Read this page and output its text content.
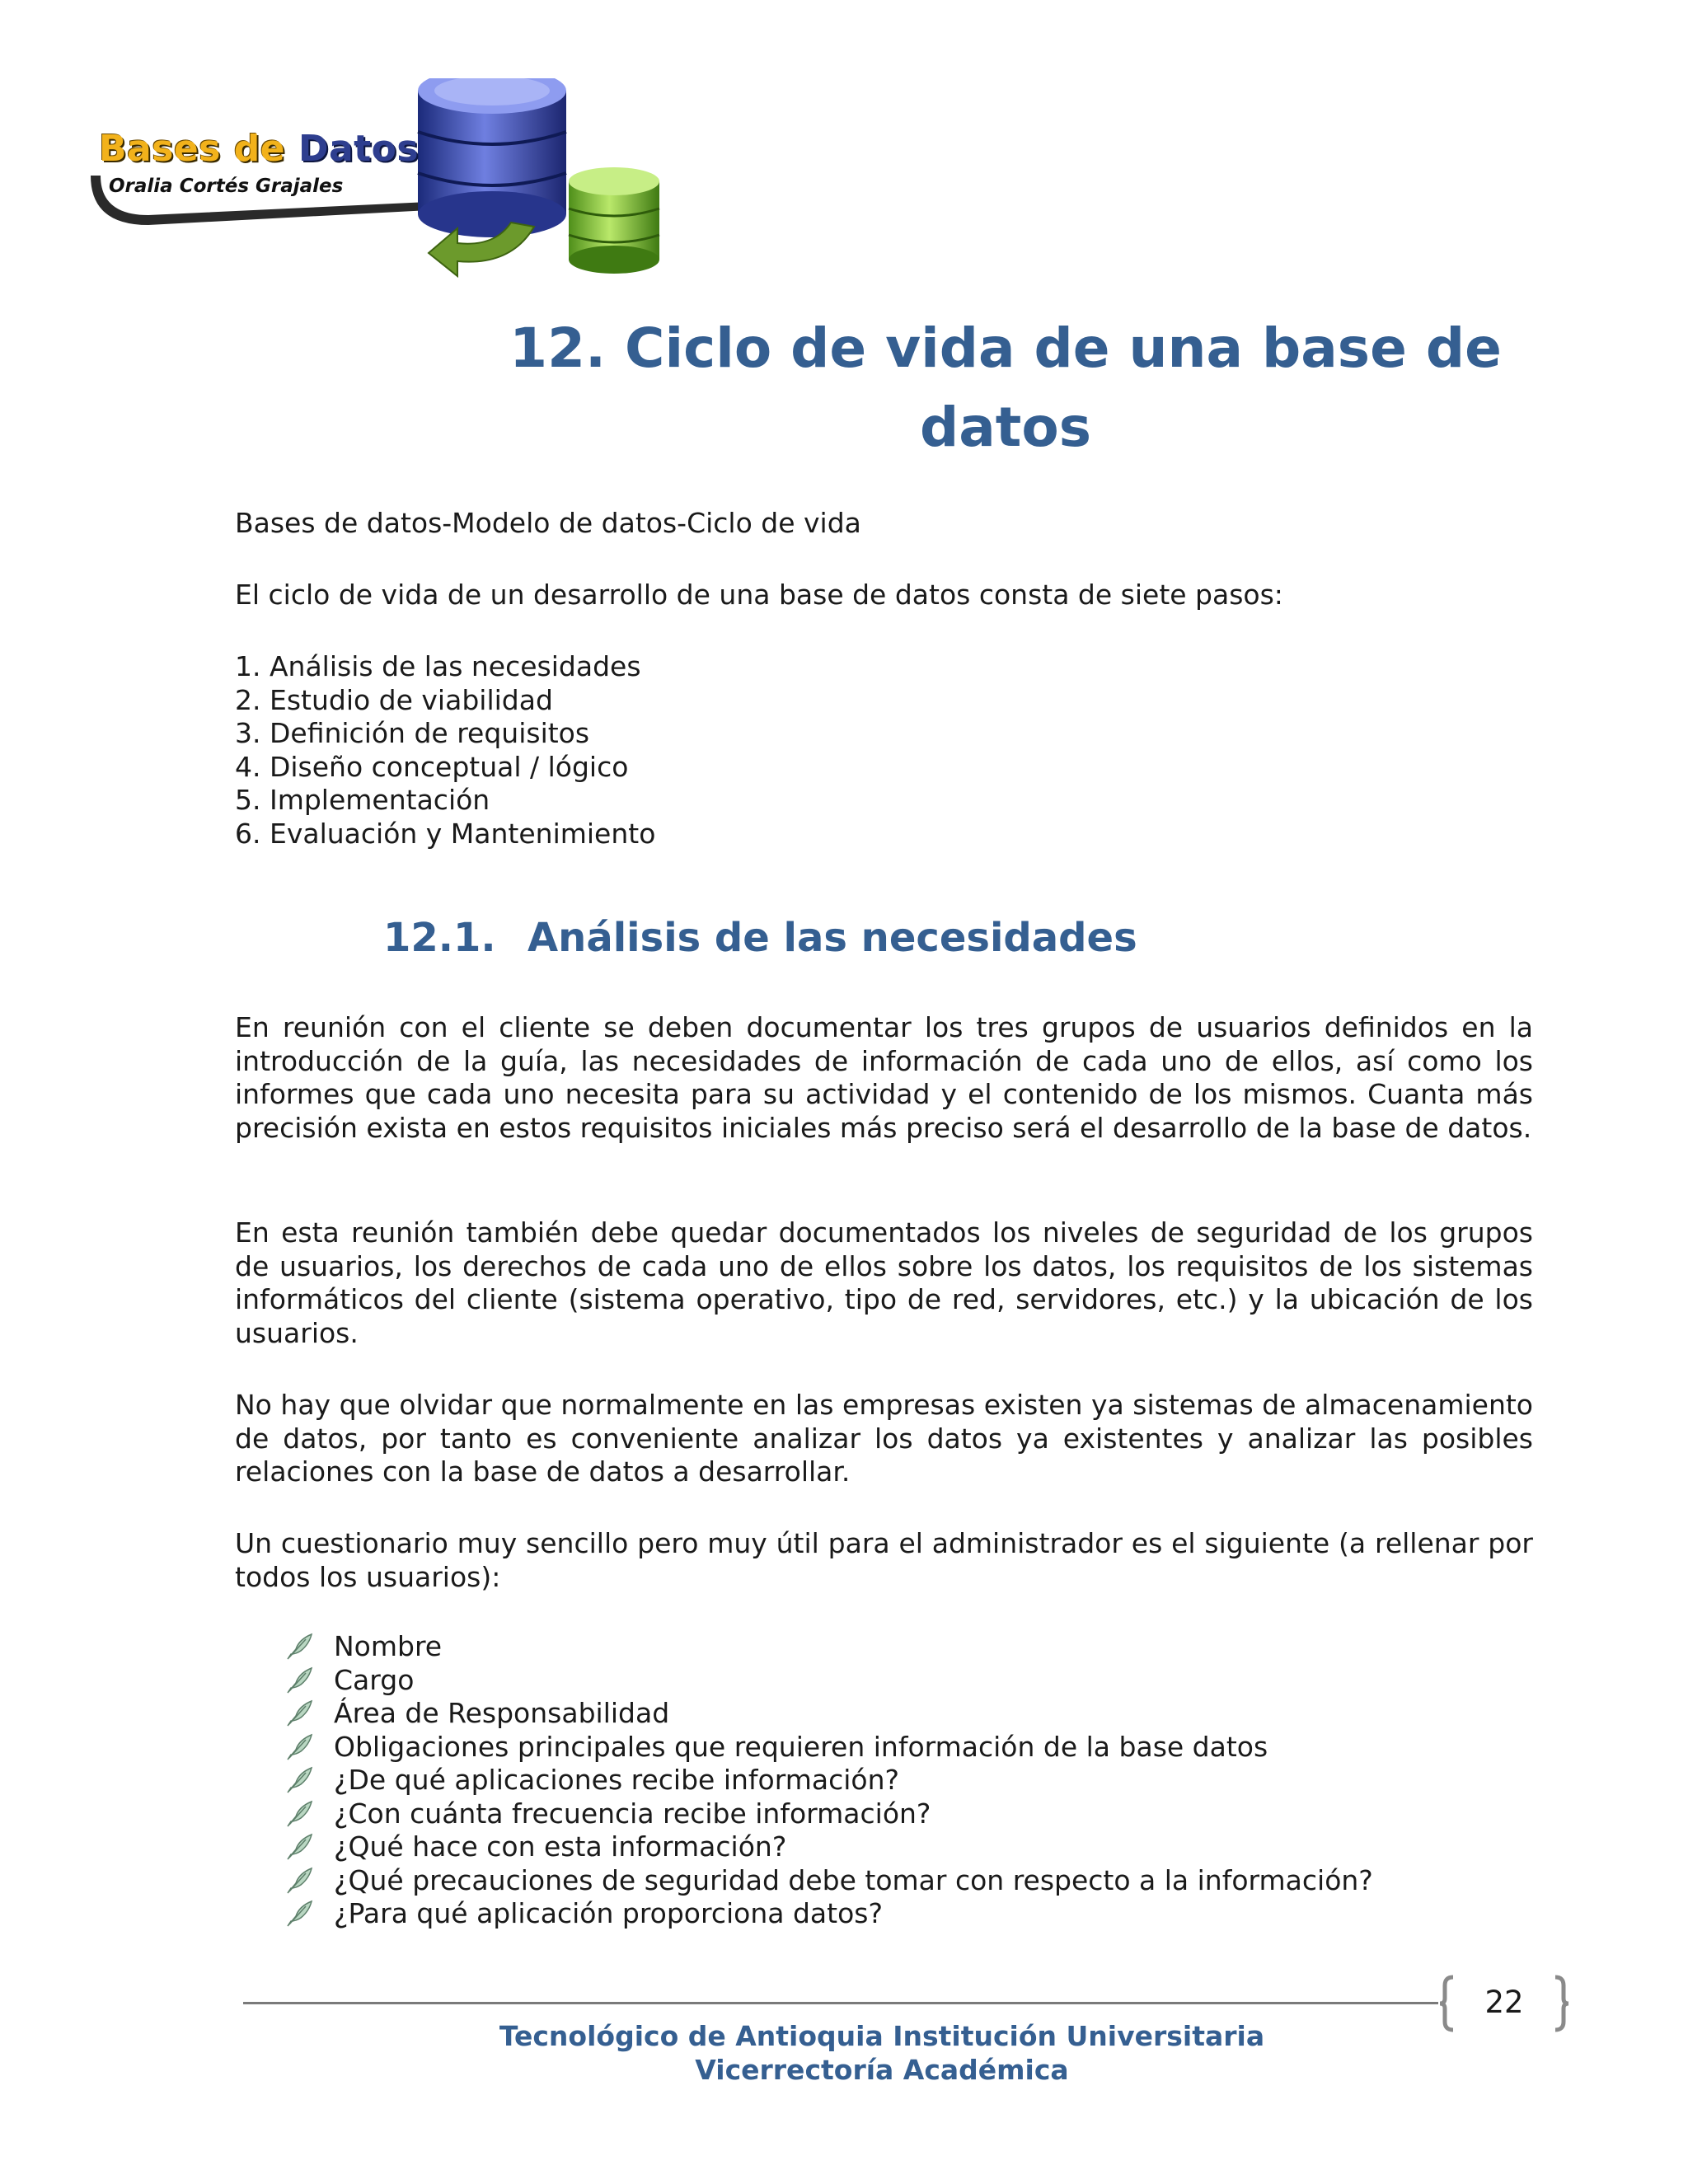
Bases de Datos
Oralia Cortés Grajales
12. Ciclo de vida de una base de
datos
Bases de datos-Modelo de datos-Ciclo de vida
El ciclo de vida de un desarrollo de una base de datos consta de siete pasos:
1. Análisis de las necesidades
2. Estudio de viabilidad
3. Definición de requisitos
4. Diseño conceptual / lógico
5. Implementación
6. Evaluación y Mantenimiento
12.1. Análisis de las necesidades

En reunión con el cliente se deben documentar los tres grupos de usuarios definidos en la introducción de la guía, las necesidades de información de cada uno de ellos, así como los informes que cada uno necesita para su actividad y el contenido de los mismos. Cuanta más precisión exista en estos requisitos iniciales más preciso será el desarrollo de la base de datos.

En esta reunión también debe quedar documentados los niveles de seguridad de los grupos de usuarios, los derechos de cada uno de ellos sobre los datos, los requisitos de los sistemas informáticos del cliente (sistema operativo, tipo de red, servidores, etc.) y la ubicación de los usuarios.

No hay que olvidar que normalmente en las empresas existen ya sistemas de almacenamiento de datos, por tanto es conveniente analizar los datos ya existentes y analizar las posibles relaciones con la base de datos a desarrollar.

Un cuestionario muy sencillo pero muy útil para el administrador es el siguiente (a rellenar por todos los usuarios):

Nombre
Cargo
Área de Responsabilidad
Obligaciones principales que requieren información de la base datos
¿De qué aplicaciones recibe información?
¿Con cuánta frecuencia recibe información?
¿Qué hace con esta información?
¿Qué precauciones de seguridad debe tomar con respecto a la información?
¿Para qué aplicación proporciona datos?
22
Tecnológico de Antioquia Institución Universitaria
Vicerrectoría Académica
